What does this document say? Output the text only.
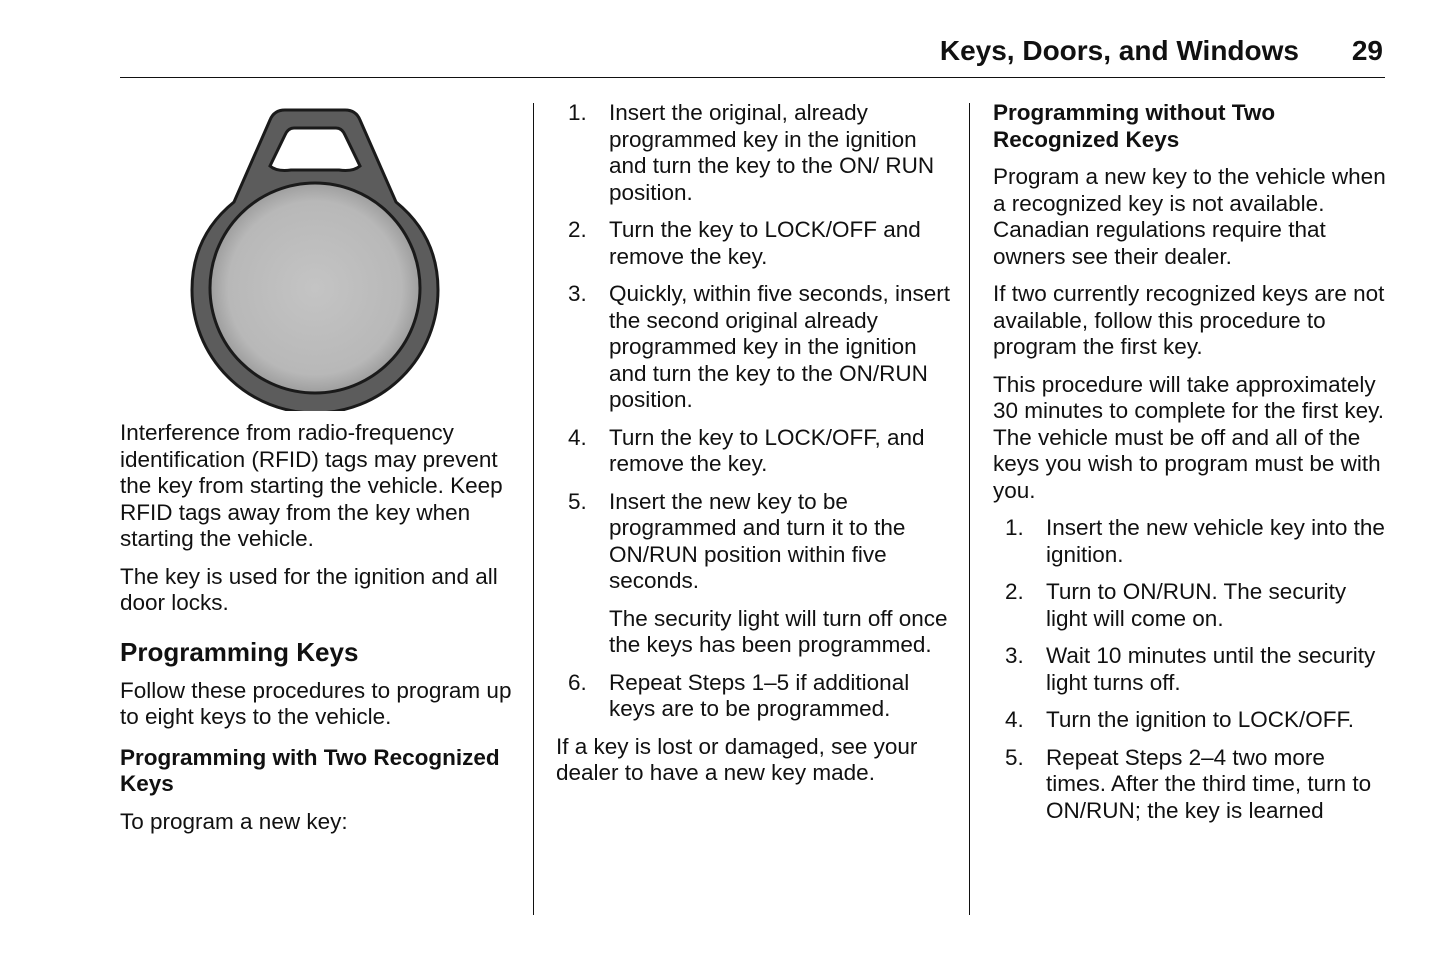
Keys, Doors, and Windows 29

Interference from radio-frequency identification (RFID) tags may prevent the key from starting the vehicle. Keep RFID tags away from the key when starting the vehicle.

The key is used for the ignition and all door locks.

Programming Keys

Follow these procedures to program up to eight keys to the vehicle.

Programming with Two Recognized Keys

To program a new key:

1. Insert the original, already programmed key in the ignition and turn the key to the ON/ RUN position.
2. Turn the key to LOCK/OFF and remove the key.
3. Quickly, within five seconds, insert the second original already programmed key in the ignition and turn the key to the ON/RUN position.
4. Turn the key to LOCK/OFF, and remove the key.
5. Insert the new key to be programmed and turn it to the ON/RUN position within five seconds.
The security light will turn off once the keys has been programmed.
6. Repeat Steps 1–5 if additional keys are to be programmed.

If a key is lost or damaged, see your dealer to have a new key made.

Programming without Two Recognized Keys

Program a new key to the vehicle when a recognized key is not available. Canadian regulations require that owners see their dealer.

If two currently recognized keys are not available, follow this procedure to program the first key.

This procedure will take approximately 30 minutes to complete for the first key. The vehicle must be off and all of the keys you wish to program must be with you.

1. Insert the new vehicle key into the ignition.
2. Turn to ON/RUN. The security light will come on.
3. Wait 10 minutes until the security light turns off.
4. Turn the ignition to LOCK/OFF.
5. Repeat Steps 2–4 two more times. After the third time, turn to ON/RUN; the key is learned
